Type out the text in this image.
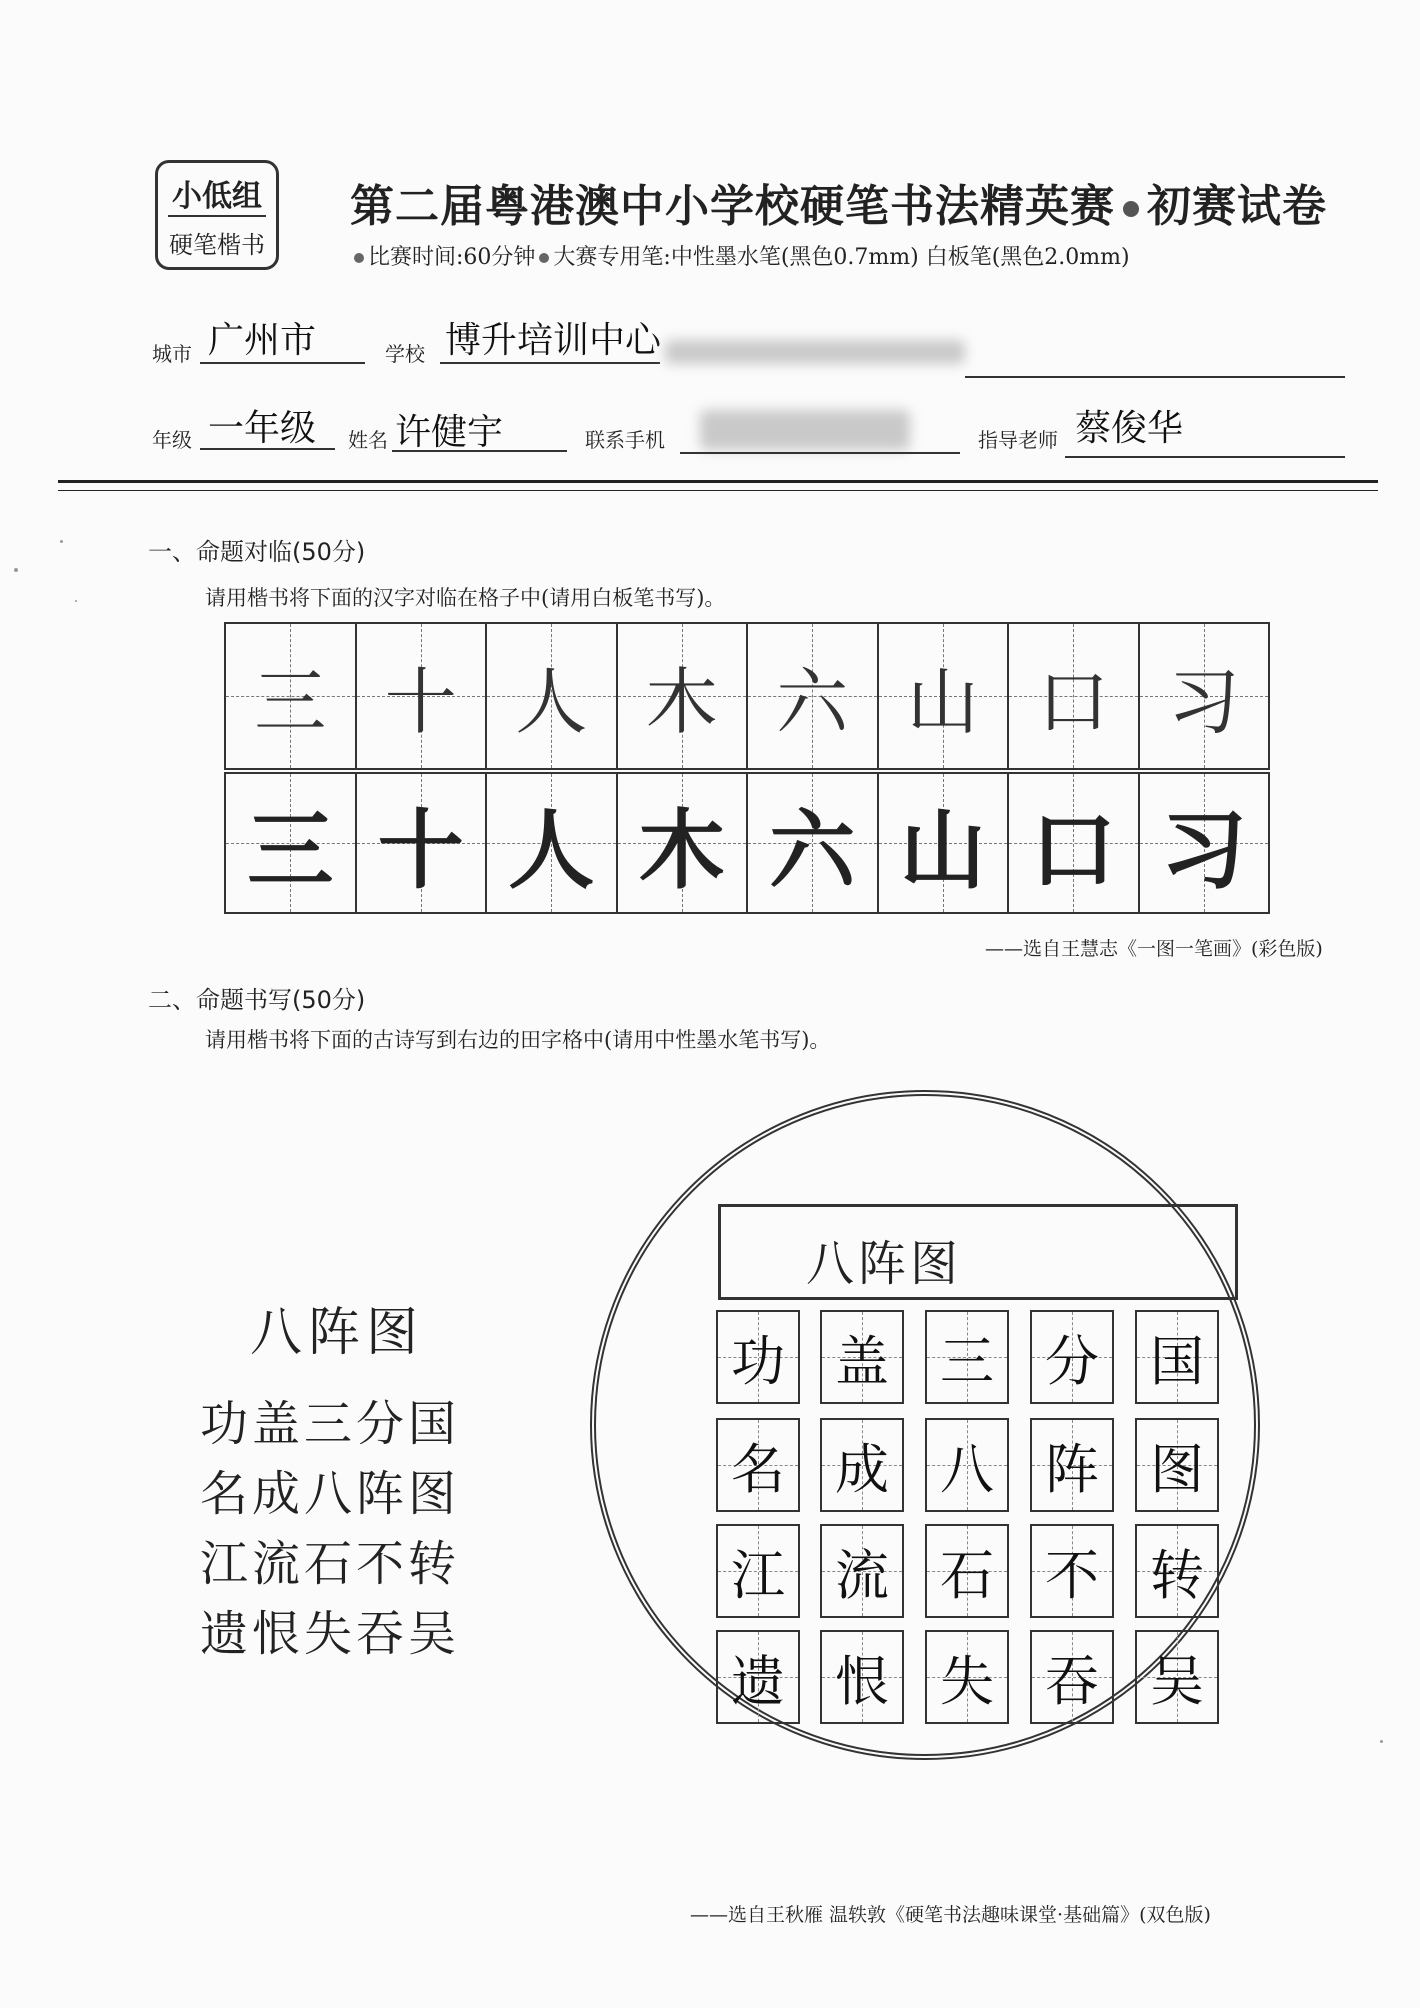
小低组
硬笔楷书
第二届粤港澳中小学校硬笔书法精英赛 初赛试卷
比赛时间:60分钟 大赛专用笔:中性墨水笔(黑色0.7mm) 白板笔(黑色2.0mm)
城市 广州市	学校 博升培训中心
年级 一年级 姓名 许健宇	联系手机	指导老师 蔡俊华
一、命题对临(50分)
请用楷书将下面的汉字对临在格子中(请用白板笔书写)。
三 十 人 木 六 山 口 习
三 十 人 木 六 山 口 习
——选自王慧志《一图一笔画》(彩色版)
二、命题书写(50分)
请用楷书将下面的古诗写到右边的田字格中(请用中性墨水笔书写)。
八阵图
功盖三分国
名成八阵图
江流石不转
遗恨失吞吴
八阵图
功 盖 三 分 国
名 成 八 阵 图
江 流 石 不 转
遗 恨 失 吞 吴
——选自王秋雁 温轶敦《硬笔书法趣味课堂·基础篇》(双色版)
